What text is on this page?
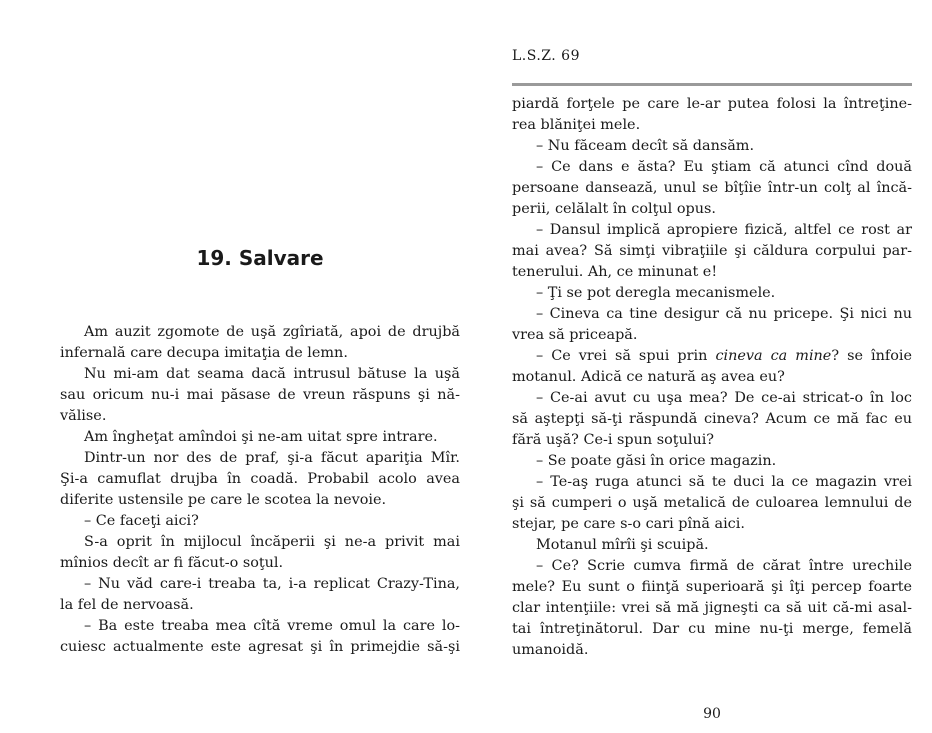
19. Salvare
Am auzit zgomote de uşă zgîriată, apoi de drujbă
infernală care decupa imitaţia de lemn.
Nu mi-am dat seama dacă intrusul bătuse la uşă
sau oricum nu-i mai păsase de vreun răspuns şi nă-
vălise.
Am îngheţat amîndoi şi ne-am uitat spre intrare.
Dintr-un nor des de praf, şi-a făcut apariţia Mîr.
Şi-a camuflat drujba în coadă. Probabil acolo avea
diferite ustensile pe care le scotea la nevoie.
– Ce faceţi aici?
S-a oprit în mijlocul încăperii şi ne-a privit mai
mînios decît ar fi făcut-o soţul.
– Nu văd care-i treaba ta, i-a replicat Crazy-Tina,
la fel de nervoasă.
– Ba este treaba mea cîtă vreme omul la care lo-
cuiesc actualmente este agresat şi în primejdie să-şi

L.S.Z. 69

piardă forţele pe care le-ar putea folosi la întreţine-
rea blăniţei mele.
– Nu făceam decît să dansăm.
– Ce dans e ăsta? Eu ştiam că atunci cînd două
persoane dansează, unul se bîţîie într-un colţ al încă-
perii, celălalt în colţul opus.
– Dansul implică apropiere fizică, altfel ce rost ar
mai avea? Să simţi vibraţiile şi căldura corpului par-
tenerului. Ah, ce minunat e!
– Ţi se pot deregla mecanismele.
– Cineva ca tine desigur că nu pricepe. Şi nici nu
vrea să priceapă.
– Ce vrei să spui prin cineva ca mine? se înfoie
motanul. Adică ce natură aş avea eu?
– Ce-ai avut cu uşa mea? De ce-ai stricat-o în loc
să aştepţi să-ţi răspundă cineva? Acum ce mă fac eu
fără uşă? Ce-i spun soţului?
– Se poate găsi în orice magazin.
– Te-aş ruga atunci să te duci la ce magazin vrei
şi să cumperi o uşă metalică de culoarea lemnului de
stejar, pe care s-o cari pînă aici.
Motanul mîrîi şi scuipă.
– Ce? Scrie cumva firmă de cărat între urechile
mele? Eu sunt o fiinţă superioară şi îţi percep foarte
clar intenţiile: vrei să mă jigneşti ca să uit că-mi asal-
tai întreţinătorul. Dar cu mine nu-ţi merge, femelă
umanoidă.

90
